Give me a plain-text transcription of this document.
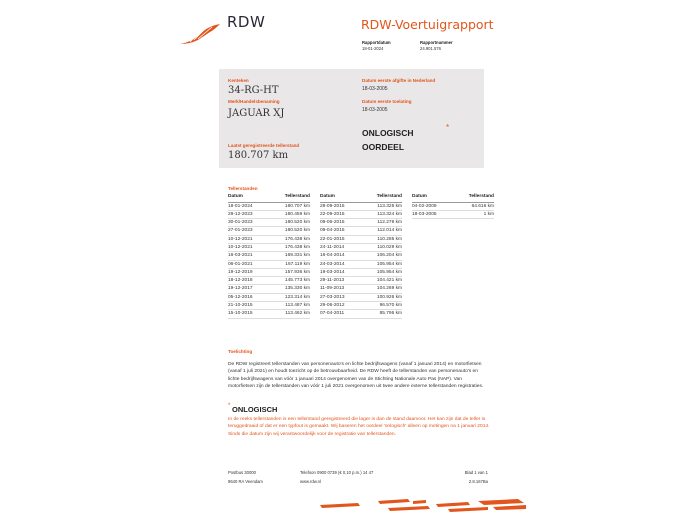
RDW	RDW-Voertuigrapport
Rapportdatum
18-01-2024
Rapportnummer
24.901.576
Kenteken
34-RG-HT
Merk/Handelsbenaming
JAGUAR XJ
Laatst geregistreerde tellerstand
180.707 km
Datum eerste afgifte in Nederland
18-03-2005
Datum eerste toelating
18-03-2005
ONLOGISCH OORDEEL
*
Tellerstanden
Datum	Tellerstand
18-01-2024	180.707 km
29-12-2023	180.459 km
30-01-2023	180.520 km
27-01-2023	180.520 km
10-12-2021	176.438 km
10-12-2021	176.438 km
16-03-2021	169.331 km
06-01-2021	167.119 km
19-12-2019	157.936 km
18-12-2018	145.773 km
19-12-2017	135.330 km
05-12-2016	123.314 km
21-10-2015	113.487 km
15-10-2015	113.462 km
Datum	Tellerstand
28-09-2015	113.325 km
22-09-2015	113.324 km
09-06-2015	112.278 km
09-04-2015	112.014 km
22-01-2015	110.285 km
24-11-2014	110.029 km
16-04-2014	106.204 km
24-03-2014	105.954 km
19-03-2014	105.954 km
29-11-2013	104.421 km
11-09-2013	104.269 km
27-03-2013	100.926 km
29-06-2012	96.570 km
07-04-2011	85.796 km
Datum	Tellerstand
04-02-2009	64.616 km
18-03-2005	1 km
Toelichting
De RDW registreert tellerstanden van personenauto's en lichte bedrijfswagens (vanaf 1 januari 2014) en motorfietsen (vanaf 1 juli 2021) en houdt toezicht op de betrouwbaarheid. De RDW heeft de tellerstanden van personenauto's en lichte bedrijfswagens van vóór 1 januari 2014 overgenomen van de Stichting Nationale Auto Pas (NAP). Van motorfietsen zijn de tellerstanden van vóór 1 juli 2021 overgenomen uit twee andere externe tellerstanden registraties.
* ONLOGISCH
In de reeks tellerstanden is een tellerstand geregistreerd die lager is dan de stand daarvoor. Het kan zijn dat de teller is teruggedraaid of dat er een typfout is gemaakt. Wij baseren het oordeel 'onlogisch' alleen op metingen na 1 januari 2014. Sinds die datum zijn wij verantwoordelijk voor de registratie van tellerstanden.
Postbus 30000
9640 RA Veendam
Telefoon 0900 0739 (€ 0,10 p.m.) 14 47
www.rdw.nl
Blad 1 van 1
2.8.167Ba
